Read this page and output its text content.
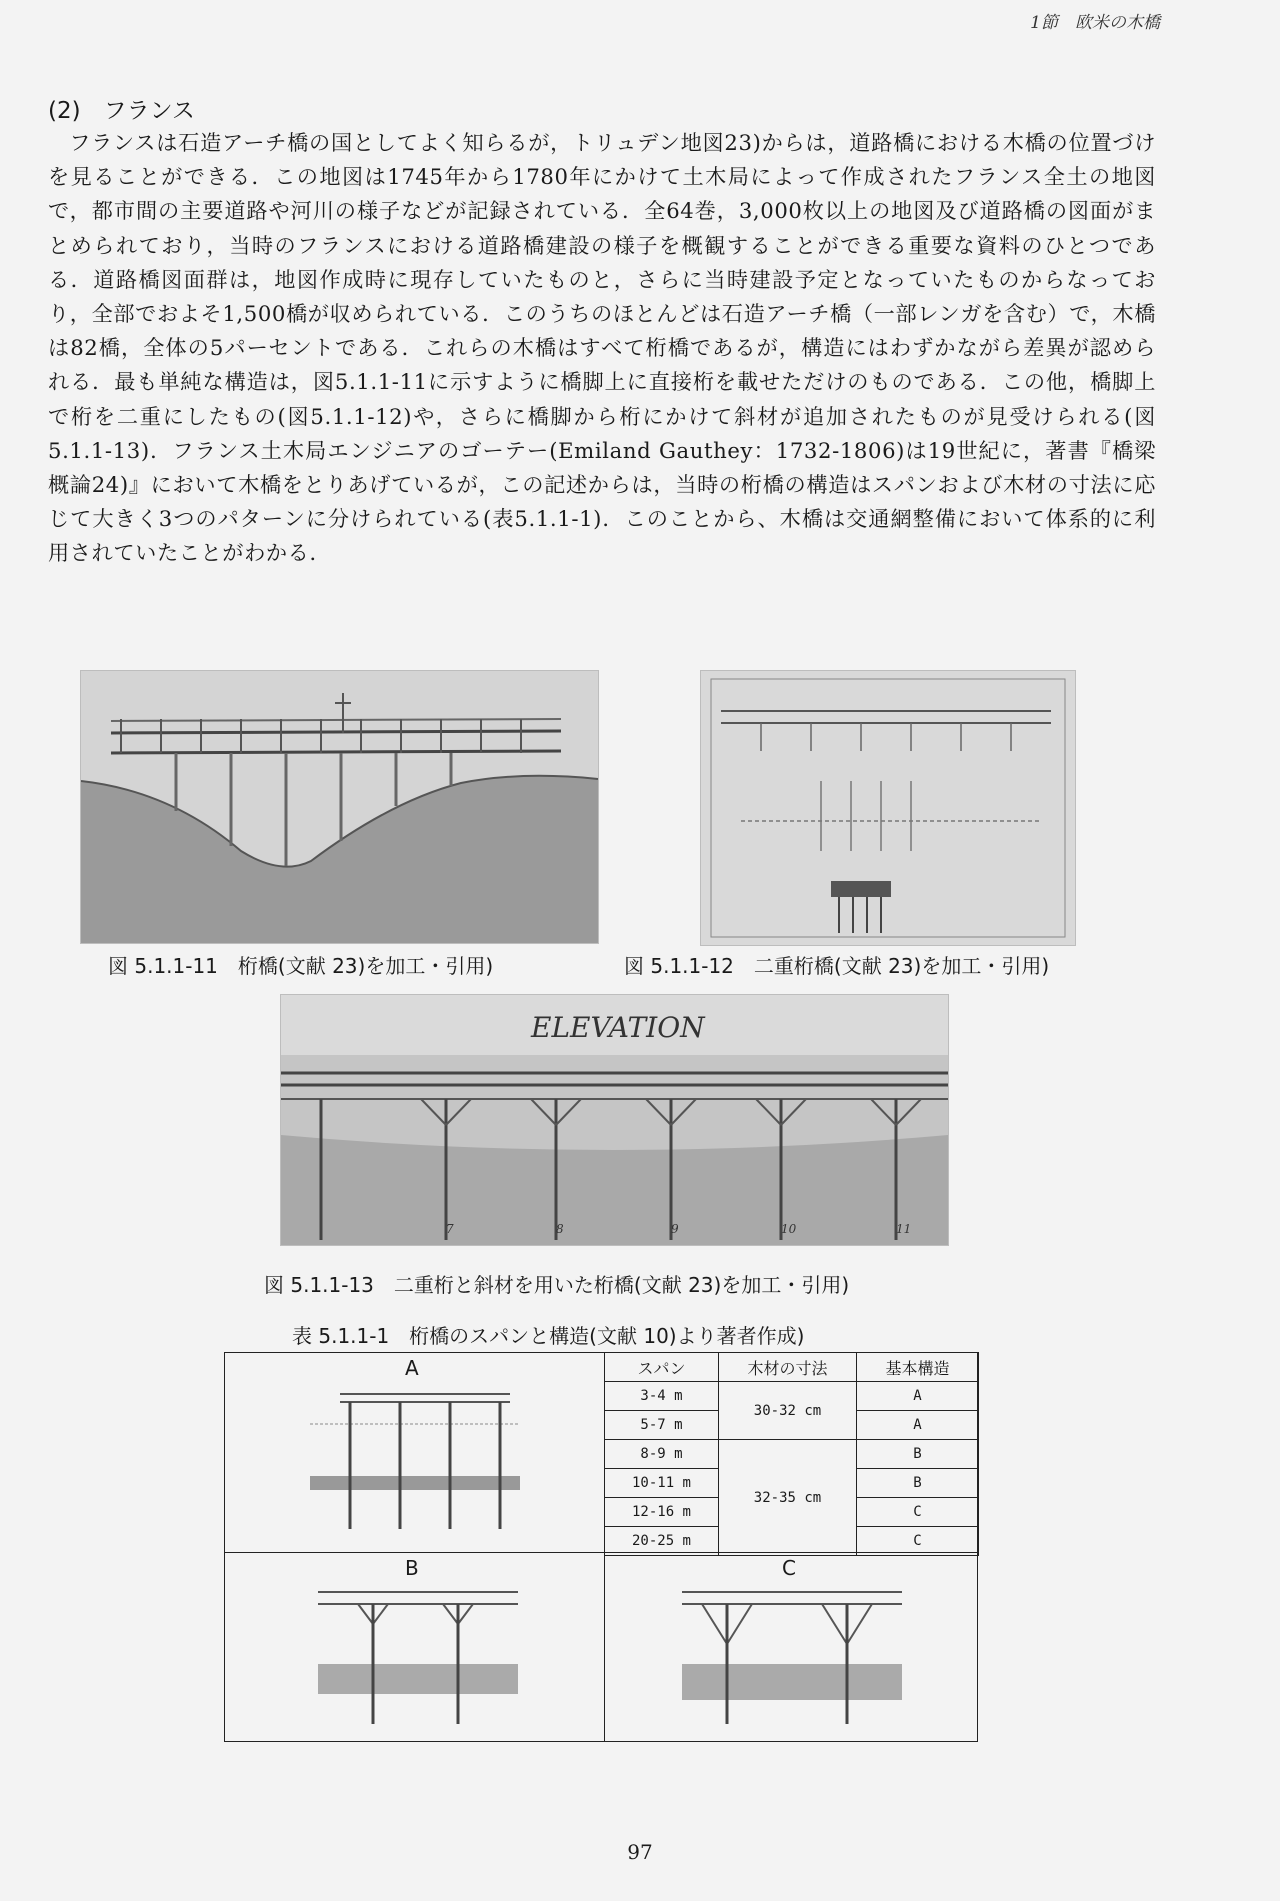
1節　欧米の木橋
(2)　フランス

フランスは石造アーチ橋の国としてよく知らるが，トリュデン地図23)からは，道路橋における木橋の位置づけを見ることができる．この地図は1745年から1780年にかけて土木局によって作成されたフランス全土の地図で，都市間の主要道路や河川の様子などが記録されている．全64巻，3,000枚以上の地図及び道路橋の図面がまとめられており，当時のフランスにおける道路橋建設の様子を概観することができる重要な資料のひとつである．道路橋図面群は，地図作成時に現存していたものと，さらに当時建設予定となっていたものからなっており，全部でおよそ1,500橋が収められている．このうちのほとんどは石造アーチ橋（一部レンガを含む）で，木橋は82橋，全体の5パーセントである．これらの木橋はすべて桁橋であるが，構造にはわずかながら差異が認められる．最も単純な構造は，図5.1.1-11に示すように橋脚上に直接桁を載せただけのものである．この他，橋脚上で桁を二重にしたもの(図5.1.1-12)や，さらに橋脚から桁にかけて斜材が追加されたものが見受けられる(図5.1.1-13)．フランス土木局エンジニアのゴーテー(Emiland Gauthey：1732-1806)は19世紀に，著書『橋梁概論24)』において木橋をとりあげているが，この記述からは，当時の桁橋の構造はスパンおよび木材の寸法に応じて大きく3つのパターンに分けられている(表5.1.1-1)．このことから、木橋は交通網整備において体系的に利用されていたことがわかる．

図 5.1.1-11　桁橋(文献 23)を加工・引用)	図 5.1.1-12　二重桁橋(文献 23)を加工・引用)
ELEVATION
7	8	9	10	11
図 5.1.1-13　二重桁と斜材を用いた桁橋(文献 23)を加工・引用)
表 5.1.1-1　桁橋のスパンと構造(文献 10)より著者作成)
A
B	C
スパン	木材の寸法	基本構造
3-4 m	30-32 cm	A
5-7 m		A
8-9 m	32-35 cm	B
10-11 m		B
12-16 m		C
20-25 m		C
97
